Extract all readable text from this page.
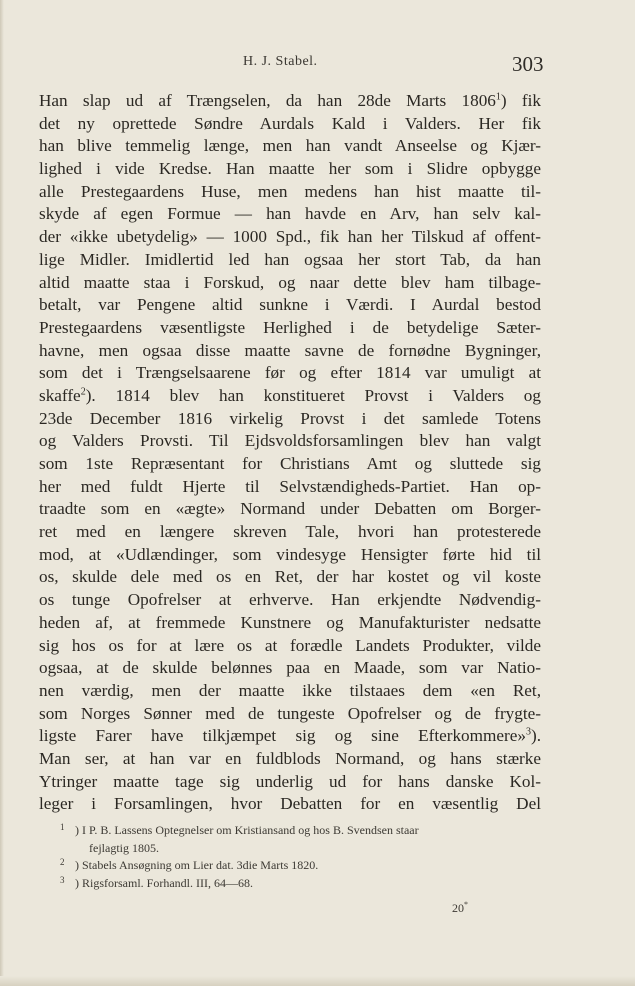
H. J. Stabel.	303
Han slap ud af Trængselen, da han 28de Marts 1806$^1$) fik
det ny oprettede Søndre Aurdals Kald i Valders. Her fik
han blive temmelig længe, men han vandt Anseelse og Kjær-
lighed i vide Kredse. Han maatte her som i Slidre opbygge
alle Prestegaardens Huse, men medens han hist maatte til-
skyde af egen Formue — han havde en Arv, han selv kal-
der «ikke ubetydelig» — 1000 Spd., fik han her Tilskud af offent-
lige Midler. Imidlertid led han ogsaa her stort Tab, da han
altid maatte staa i Forskud, og naar dette blev ham tilbage-
betalt, var Pengene altid sunkne i Værdi. I Aurdal bestod
Prestegaardens væsentligste Herlighed i de betydelige Sæter-
havne, men ogsaa disse maatte savne de fornødne Bygninger,
som det i Trængselsaarene før og efter 1814 var umuligt at
skaffe$^2$). 1814 blev han konstitueret Provst i Valders og
23de December 1816 virkelig Provst i det samlede Totens
og Valders Provsti. Til Ejdsvoldsforsamlingen blev han valgt
som 1ste Repræsentant for Christians Amt og sluttede sig
her med fuldt Hjerte til Selvstændigheds-Partiet. Han op-
traadte som en «ægte» Normand under Debatten om Borger-
ret med en længere skreven Tale, hvori han protesterede
mod, at «Udlændinger, som vindesyge Hensigter førte hid til
os, skulde dele med os en Ret, der har kostet og vil koste
os tunge Opofrelser at erhverve. Han erkjendte Nødvendig-
heden af, at fremmede Kunstnere og Manufakturister nedsatte
sig hos os for at lære os at forædle Landets Produkter, vilde
ogsaa, at de skulde belønnes paa en Maade, som var Natio-
nen værdig, men der maatte ikke tilstaaes dem «en Ret,
som Norges Sønner med de tungeste Opofrelser og de frygte-
ligste Farer have tilkjæmpet sig og sine Efterkommere»$^3$).
Man ser, at han var en fuldblods Normand, og hans stærke
Ytringer maatte tage sig underlig ud for hans danske Kol-
leger i Forsamlingen, hvor Debatten for en væsentlig Del
1 ) I P. B. Lassens Optegnelser om Kristiansand og hos B. Svendsen staar
fejlagtig 1805.
2 ) Stabels Ansøgning om Lier dat. 3die Marts 1820.
3 ) Rigsforsaml. Forhandl. III, 64—68.
20*
